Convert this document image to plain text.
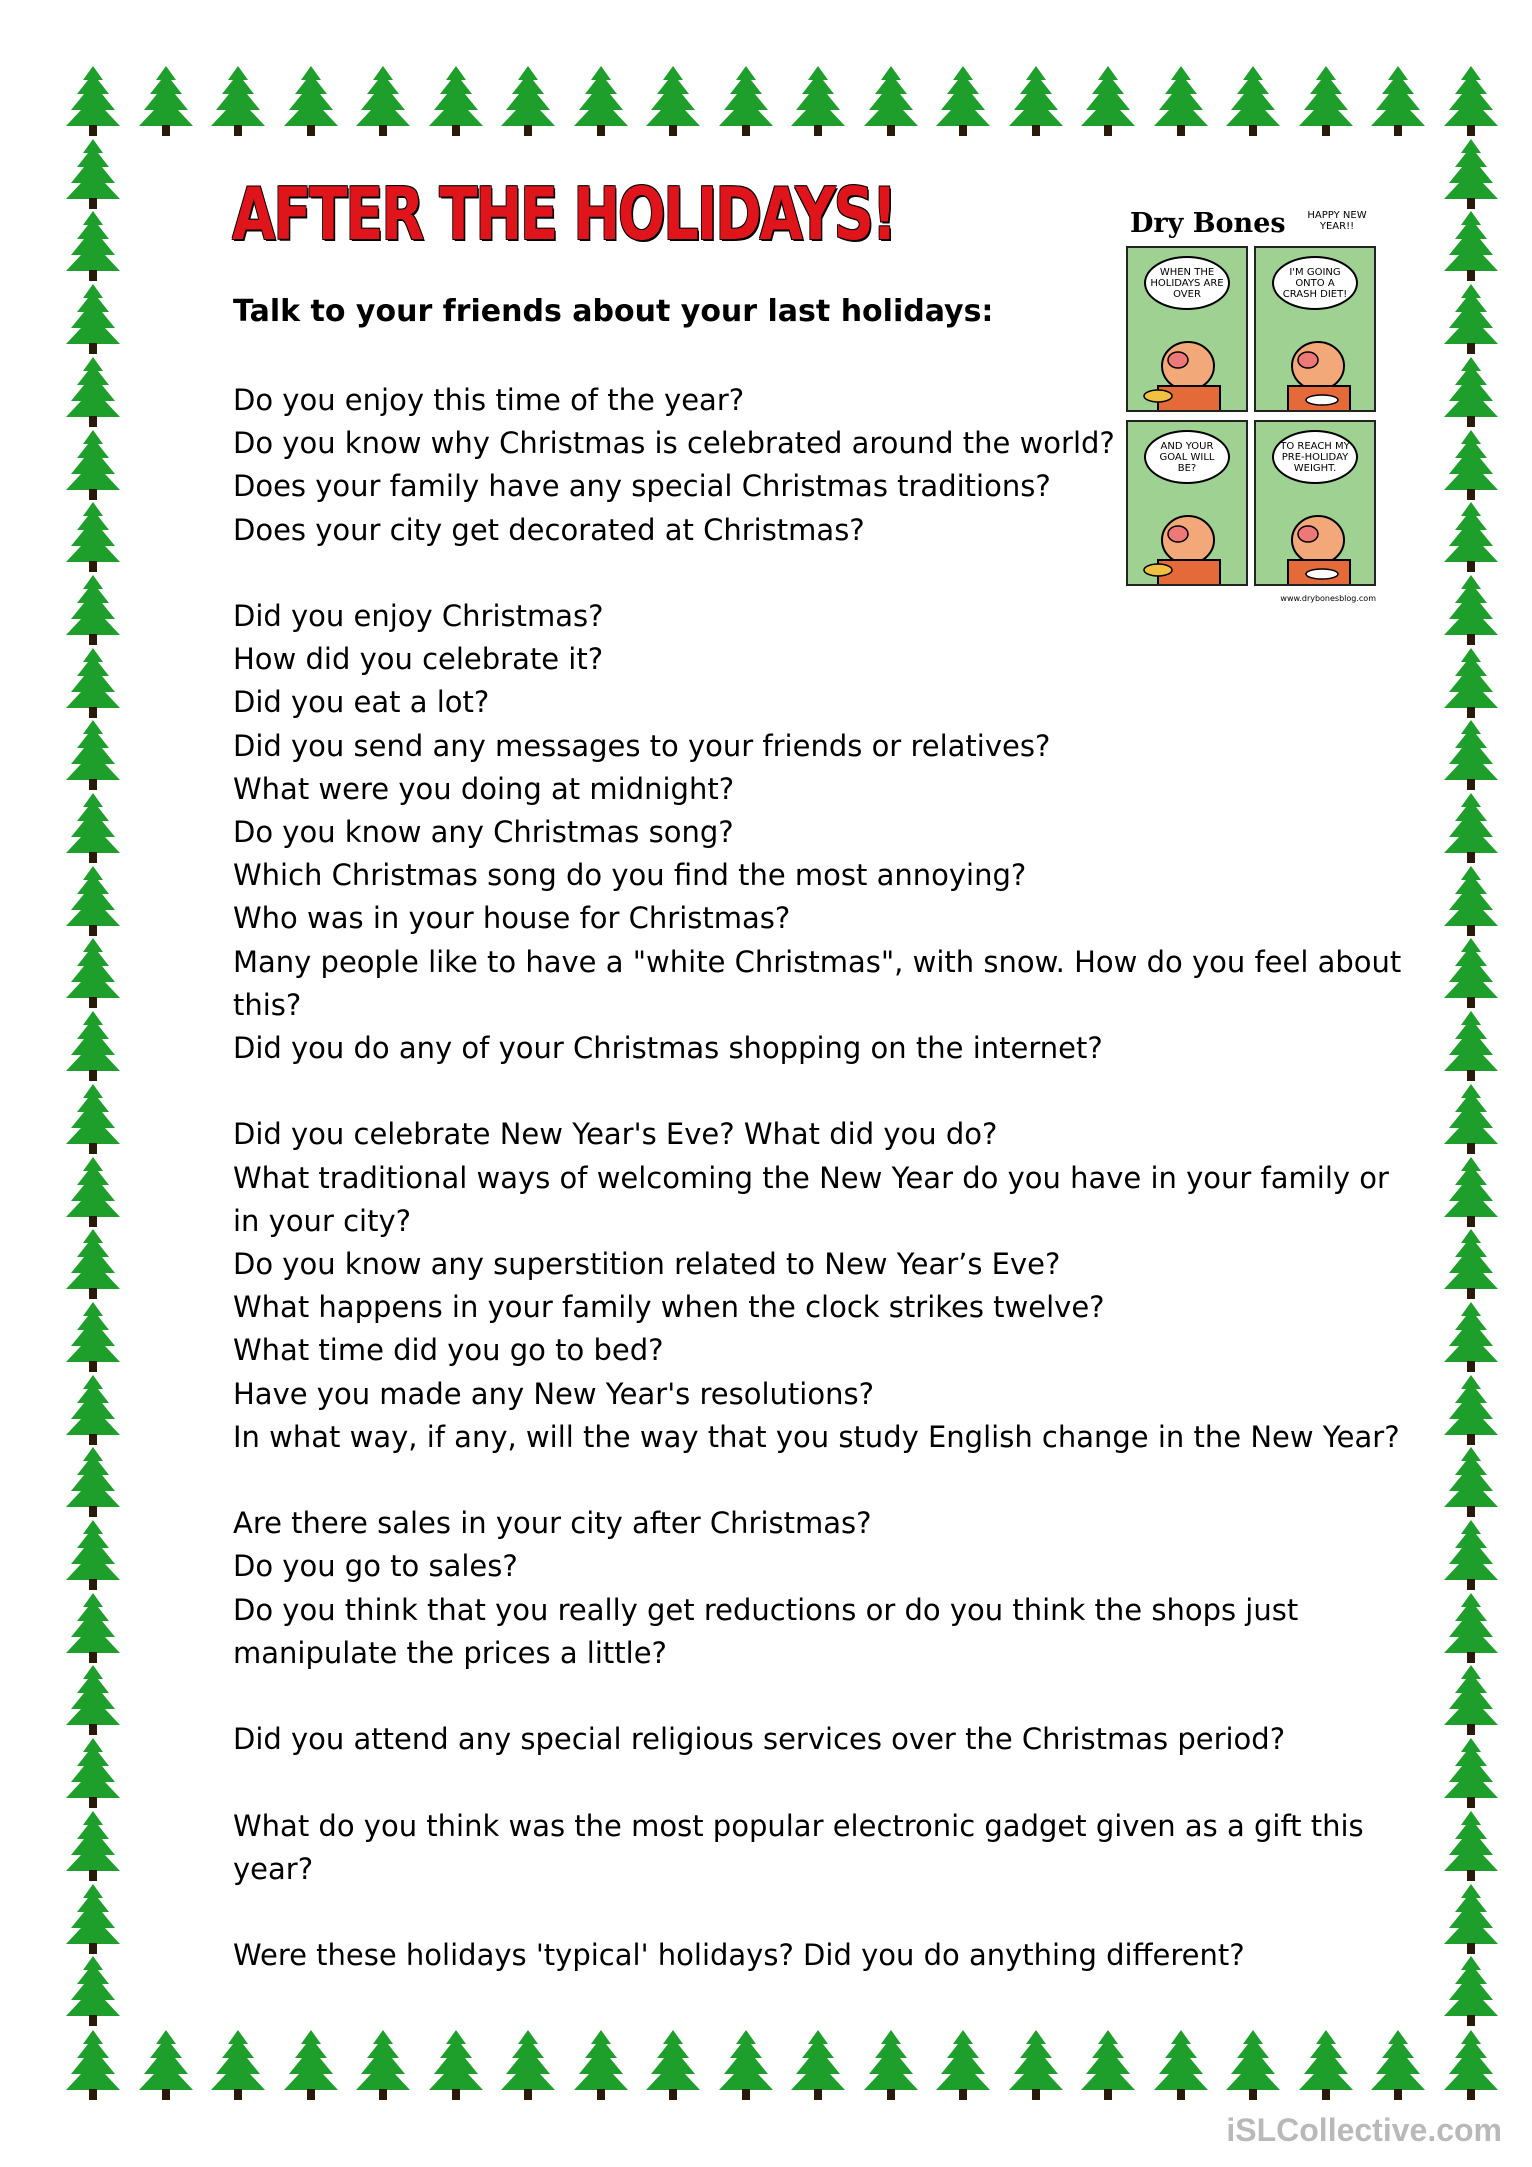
AFTER THE HOLIDAYS!
Talk to your friends about your last holidays:
Dry Bones	HAPPY NEW YEAR!!
WHEN THE HOLIDAYS ARE OVER
I'M GOING ONTO A CRASH DIET!
AND YOUR GOAL WILL BE?
TO REACH MY PRE-HOLIDAY WEIGHT.
www.drybonesblog.com
Do you enjoy this time of the year?
Do you know why Christmas is celebrated around the world?
Does your family have any special Christmas traditions?
Does your city get decorated at Christmas?
Did you enjoy Christmas?
How did you celebrate it?
Did you eat a lot?
Did you send any messages to your friends or relatives?
What were you doing at midnight?
Do you know any Christmas song?
Which Christmas song do you find the most annoying?
Who was in your house for Christmas?
Many people like to have a "white Christmas", with snow. How do you feel about this?
Did you do any of your Christmas shopping on the internet?
Did you celebrate New Year's Eve? What did you do?
What traditional ways of welcoming the New Year do you have in your family or in your city?
Do you know any superstition related to New Year’s Eve?
What happens in your family when the clock strikes twelve?
What time did you go to bed?
Have you made any New Year's resolutions?
In what way, if any, will the way that you study English change in the New Year?
Are there sales in your city after Christmas?
Do you go to sales?
Do you think that you really get reductions or do you think the shops just manipulate the prices a little?
Did you attend any special religious services over the Christmas period?
What do you think was the most popular electronic gadget given as a gift this year?
Were these holidays 'typical' holidays? Did you do anything different?
iSLCollective.com
